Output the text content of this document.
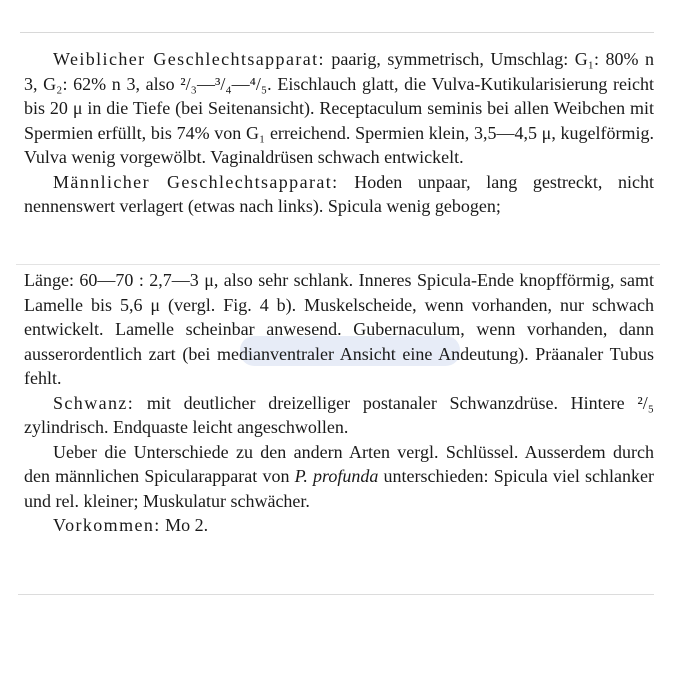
Weiblicher Geschlechtsapparat: paarig, symmetrisch, Umschlag: G₁: 80% n 3, G₂: 62% n 3, also ²/₃—³/₄—⁴/₅. Eischlauch glatt, die Vulva-Kutikularisierung reicht bis 20 μ in die Tiefe (bei Seitenansicht). Receptaculum seminis bei allen Weibchen mit Spermien erfüllt, bis 74% von G₁ erreichend. Spermien klein, 3,5—4,5 μ, kugelförmig. Vulva wenig vorgewölbt. Vaginaldrüsen schwach entwickelt.

Männlicher Geschlechtsapparat: Hoden unpaar, lang gestreckt, nicht nennenswert verlagert (etwas nach links). Spicula wenig gebogen;

Länge: 60—70 : 2,7—3 μ, also sehr schlank. Inneres Spicula-Ende knopfförmig, samt Lamelle bis 5,6 μ (vergl. Fig. 4 b). Muskelscheide, wenn vorhanden, nur schwach entwickelt. Lamelle scheinbar anwesend. Gubernaculum, wenn vorhanden, dann ausserordentlich zart (bei medianventraler Ansicht eine Andeutung). Präanaler Tubus fehlt.

Schwanz: mit deutlicher dreizelliger postanaler Schwanzdrüse. Hintere ²/₅ zylindrisch. Endquaste leicht angeschwollen.

Ueber die Unterschiede zu den andern Arten vergl. Schlüssel. Ausserdem durch den männlichen Spicularapparat von P. profunda unterschieden: Spicula viel schlanker und rel. kleiner; Muskulatur schwächer.

Vorkommen: Mo 2.
